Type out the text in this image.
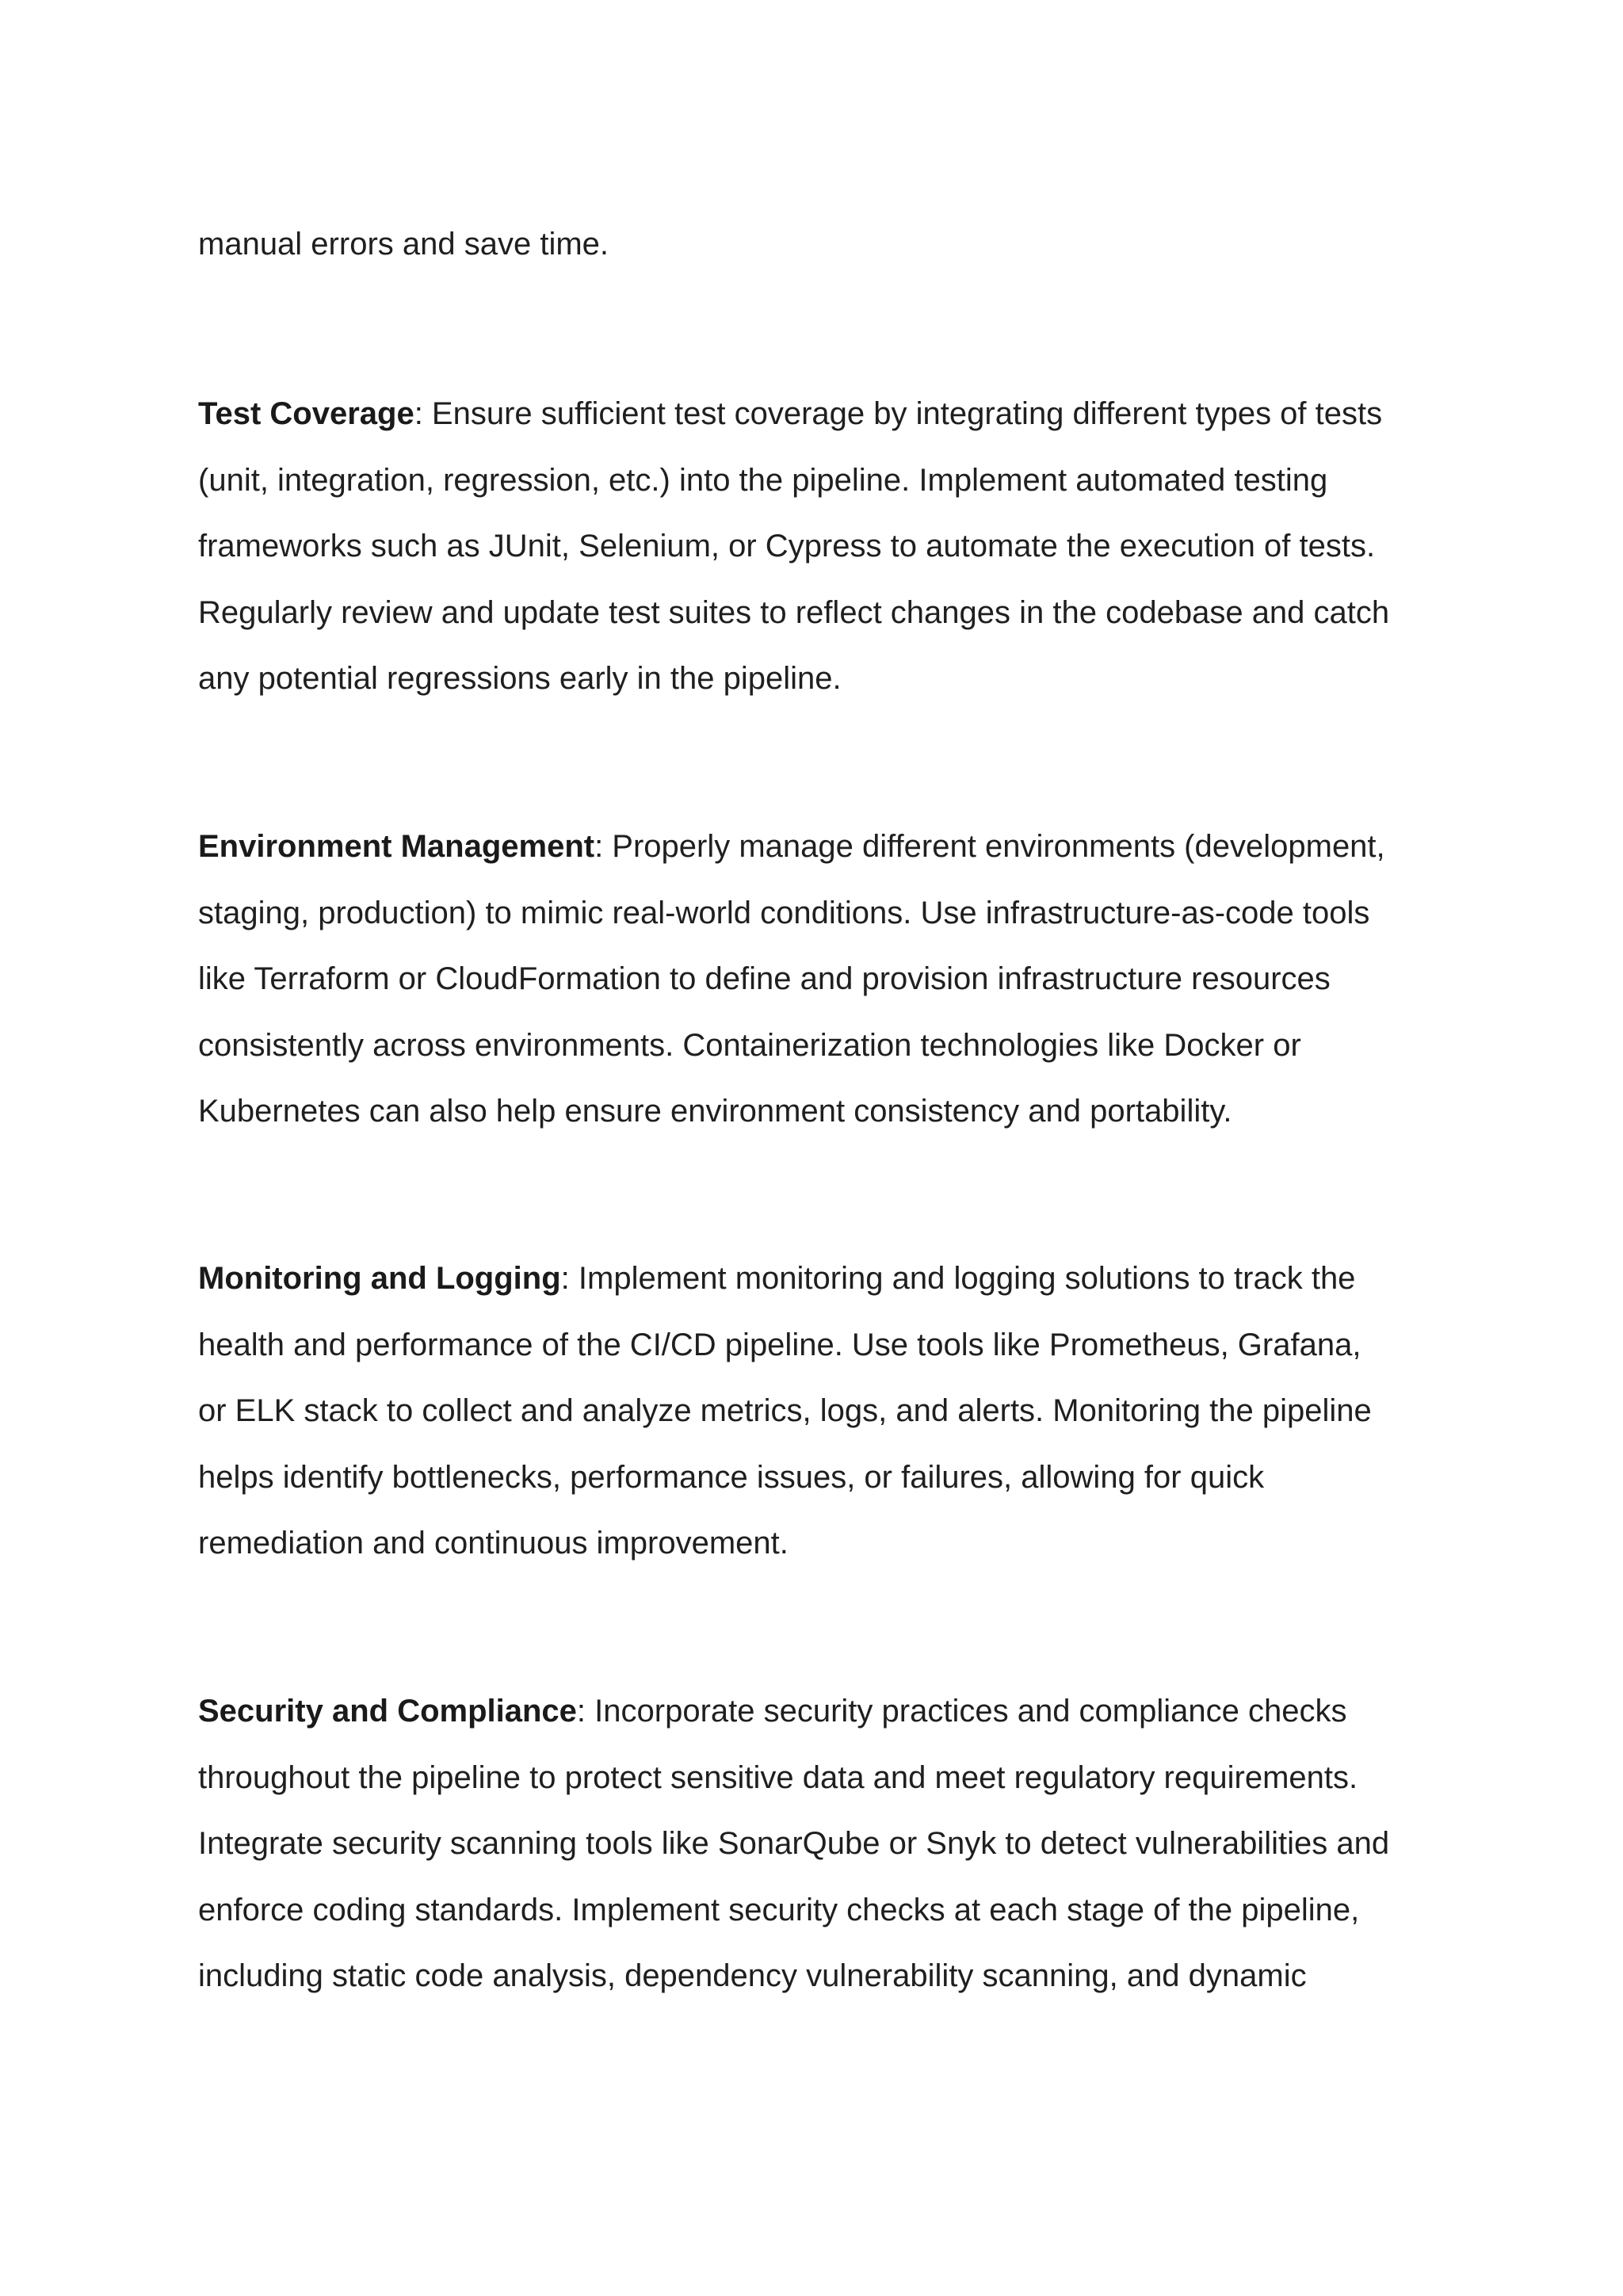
manual errors and save time.
Test Coverage: Ensure sufficient test coverage by integrating different types of tests
(unit, integration, regression, etc.) into the pipeline. Implement automated testing
frameworks such as JUnit, Selenium, or Cypress to automate the execution of tests.
Regularly review and update test suites to reflect changes in the codebase and catch
any potential regressions early in the pipeline.
Environment Management: Properly manage different environments (development,
staging, production) to mimic real-world conditions. Use infrastructure-as-code tools
like Terraform or CloudFormation to define and provision infrastructure resources
consistently across environments. Containerization technologies like Docker or
Kubernetes can also help ensure environment consistency and portability.
Monitoring and Logging: Implement monitoring and logging solutions to track the
health and performance of the CI/CD pipeline. Use tools like Prometheus, Grafana,
or ELK stack to collect and analyze metrics, logs, and alerts. Monitoring the pipeline
helps identify bottlenecks, performance issues, or failures, allowing for quick
remediation and continuous improvement.
Security and Compliance: Incorporate security practices and compliance checks
throughout the pipeline to protect sensitive data and meet regulatory requirements.
Integrate security scanning tools like SonarQube or Snyk to detect vulnerabilities and
enforce coding standards. Implement security checks at each stage of the pipeline,
including static code analysis, dependency vulnerability scanning, and dynamic
